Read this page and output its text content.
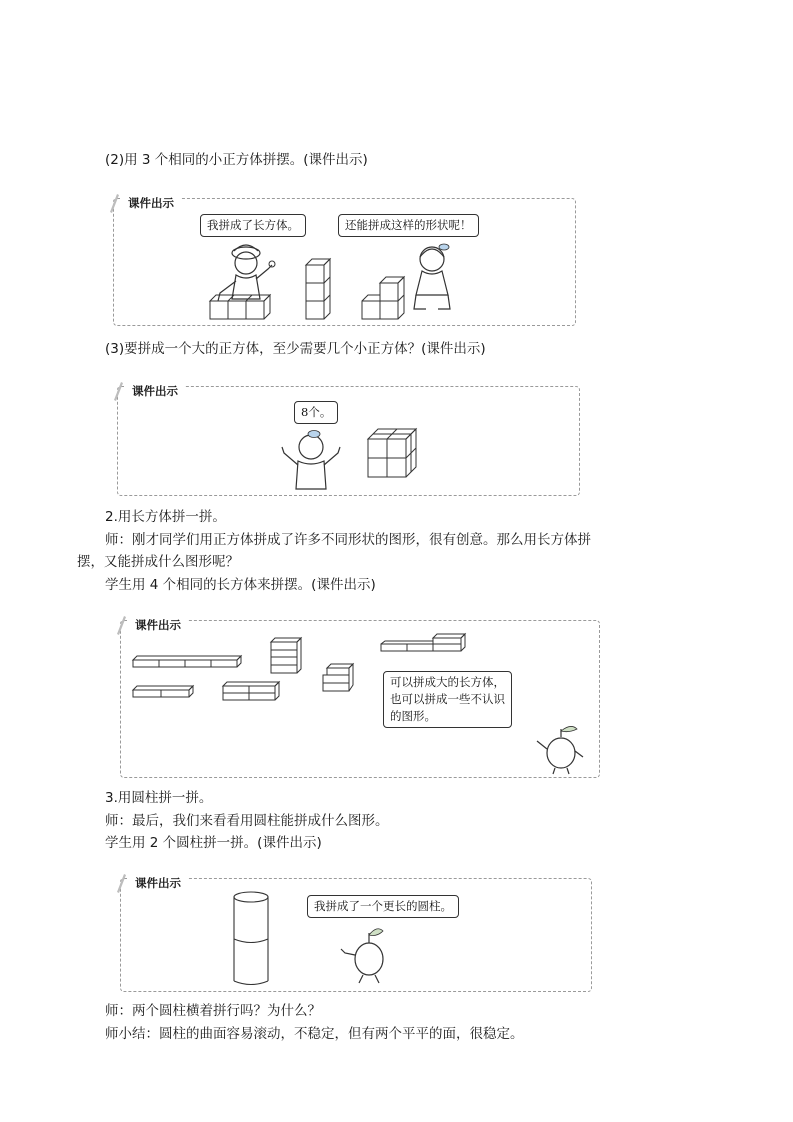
(2)用 3 个相同的小正方体拼摆。(课件出示)
课件出示
我拼成了长方体。	还能拼成这样的形状呢！
(3)要拼成一个大的正方体，至少需要几个小正方体？(课件出示)
课件出示
8个。
2.用长方体拼一拼。
师：刚才同学们用正方体拼成了许多不同形状的图形，很有创意。那么用长方体拼
摆，又能拼成什么图形呢？
学生用 4 个相同的长方体来拼摆。(课件出示)
课件出示
可以拼成大的长方体，
也可以拼成一些不认识
的图形。
3.用圆柱拼一拼。
师：最后，我们来看看用圆柱能拼成什么图形。
学生用 2 个圆柱拼一拼。(课件出示)
课件出示
我拼成了一个更长的圆柱。
师：两个圆柱横着拼行吗？为什么？
师小结：圆柱的曲面容易滚动，不稳定，但有两个平平的面，很稳定。
